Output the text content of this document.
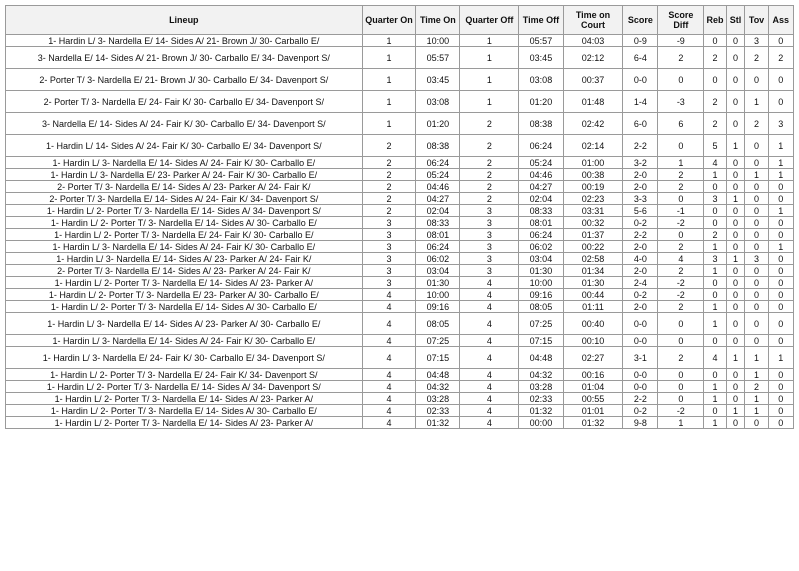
Lineup	Quarter On	Time On	Quarter Off	Time Off	Time on Court	Score	Score Diff	Reb	Stl	Tov	Ass
1- Hardin L/ 3- Nardella E/ 14- Sides A/ 21- Brown J/ 30- Carballo E/	1	10:00	1	05:57	04:03	0-9	-9	0	0	3	0
3- Nardella E/ 14- Sides A/ 21- Brown J/ 30- Carballo E/ 34- Davenport S/	1	05:57	1	03:45	02:12	6-4	2	2	0	2	2
2- Porter T/ 3- Nardella E/ 21- Brown J/ 30- Carballo E/ 34- Davenport S/	1	03:45	1	03:08	00:37	0-0	0	0	0	0	0
2- Porter T/ 3- Nardella E/ 24- Fair K/ 30- Carballo E/ 34- Davenport S/	1	03:08	1	01:20	01:48	1-4	-3	2	0	1	0
3- Nardella E/ 14- Sides A/ 24- Fair K/ 30- Carballo E/ 34- Davenport S/	1	01:20	2	08:38	02:42	6-0	6	2	0	2	3
1- Hardin L/ 14- Sides A/ 24- Fair K/ 30- Carballo E/ 34- Davenport S/	2	08:38	2	06:24	02:14	2-2	0	5	1	0	1
1- Hardin L/ 3- Nardella E/ 14- Sides A/ 24- Fair K/ 30- Carballo E/	2	06:24	2	05:24	01:00	3-2	1	4	0	0	1
1- Hardin L/ 3- Nardella E/ 23- Parker A/ 24- Fair K/ 30- Carballo E/	2	05:24	2	04:46	00:38	2-0	2	1	0	1	1
2- Porter T/ 3- Nardella E/ 14- Sides A/ 23- Parker A/ 24- Fair K/	2	04:46	2	04:27	00:19	2-0	2	0	0	0	0
2- Porter T/ 3- Nardella E/ 14- Sides A/ 24- Fair K/ 34- Davenport S/	2	04:27	2	02:04	02:23	3-3	0	3	1	0	0
1- Hardin L/ 2- Porter T/ 3- Nardella E/ 14- Sides A/ 34- Davenport S/	2	02:04	3	08:33	03:31	5-6	-1	0	0	0	1
1- Hardin L/ 2- Porter T/ 3- Nardella E/ 14- Sides A/ 30- Carballo E/	3	08:33	3	08:01	00:32	0-2	-2	0	0	0	0
1- Hardin L/ 2- Porter T/ 3- Nardella E/ 24- Fair K/ 30- Carballo E/	3	08:01	3	06:24	01:37	2-2	0	2	0	0	0
1- Hardin L/ 3- Nardella E/ 14- Sides A/ 24- Fair K/ 30- Carballo E/	3	06:24	3	06:02	00:22	2-0	2	1	0	0	1
1- Hardin L/ 3- Nardella E/ 14- Sides A/ 23- Parker A/ 24- Fair K/	3	06:02	3	03:04	02:58	4-0	4	3	1	3	0
2- Porter T/ 3- Nardella E/ 14- Sides A/ 23- Parker A/ 24- Fair K/	3	03:04	3	01:30	01:34	2-0	2	1	0	0	0
1- Hardin L/ 2- Porter T/ 3- Nardella E/ 14- Sides A/ 23- Parker A/	3	01:30	4	10:00	01:30	2-4	-2	0	0	0	0
1- Hardin L/ 2- Porter T/ 3- Nardella E/ 23- Parker A/ 30- Carballo E/	4	10:00	4	09:16	00:44	0-2	-2	0	0	0	0
1- Hardin L/ 2- Porter T/ 3- Nardella E/ 14- Sides A/ 30- Carballo E/	4	09:16	4	08:05	01:11	2-0	2	1	0	0	0
1- Hardin L/ 3- Nardella E/ 14- Sides A/ 23- Parker A/ 30- Carballo E/	4	08:05	4	07:25	00:40	0-0	0	1	0	0	0
1- Hardin L/ 3- Nardella E/ 14- Sides A/ 24- Fair K/ 30- Carballo E/	4	07:25	4	07:15	00:10	0-0	0	0	0	0	0
1- Hardin L/ 3- Nardella E/ 24- Fair K/ 30- Carballo E/ 34- Davenport S/	4	07:15	4	04:48	02:27	3-1	2	4	1	1	1
1- Hardin L/ 2- Porter T/ 3- Nardella E/ 24- Fair K/ 34- Davenport S/	4	04:48	4	04:32	00:16	0-0	0	0	0	1	0
1- Hardin L/ 2- Porter T/ 3- Nardella E/ 14- Sides A/ 34- Davenport S/	4	04:32	4	03:28	01:04	0-0	0	1	0	2	0
1- Hardin L/ 2- Porter T/ 3- Nardella E/ 14- Sides A/ 23- Parker A/	4	03:28	4	02:33	00:55	2-2	0	1	0	1	0
1- Hardin L/ 2- Porter T/ 3- Nardella E/ 14- Sides A/ 30- Carballo E/	4	02:33	4	01:32	01:01	0-2	-2	0	1	1	0
1- Hardin L/ 2- Porter T/ 3- Nardella E/ 14- Sides A/ 23- Parker A/	4	01:32	4	00:00	01:32	9-8	1	1	0	0	0
